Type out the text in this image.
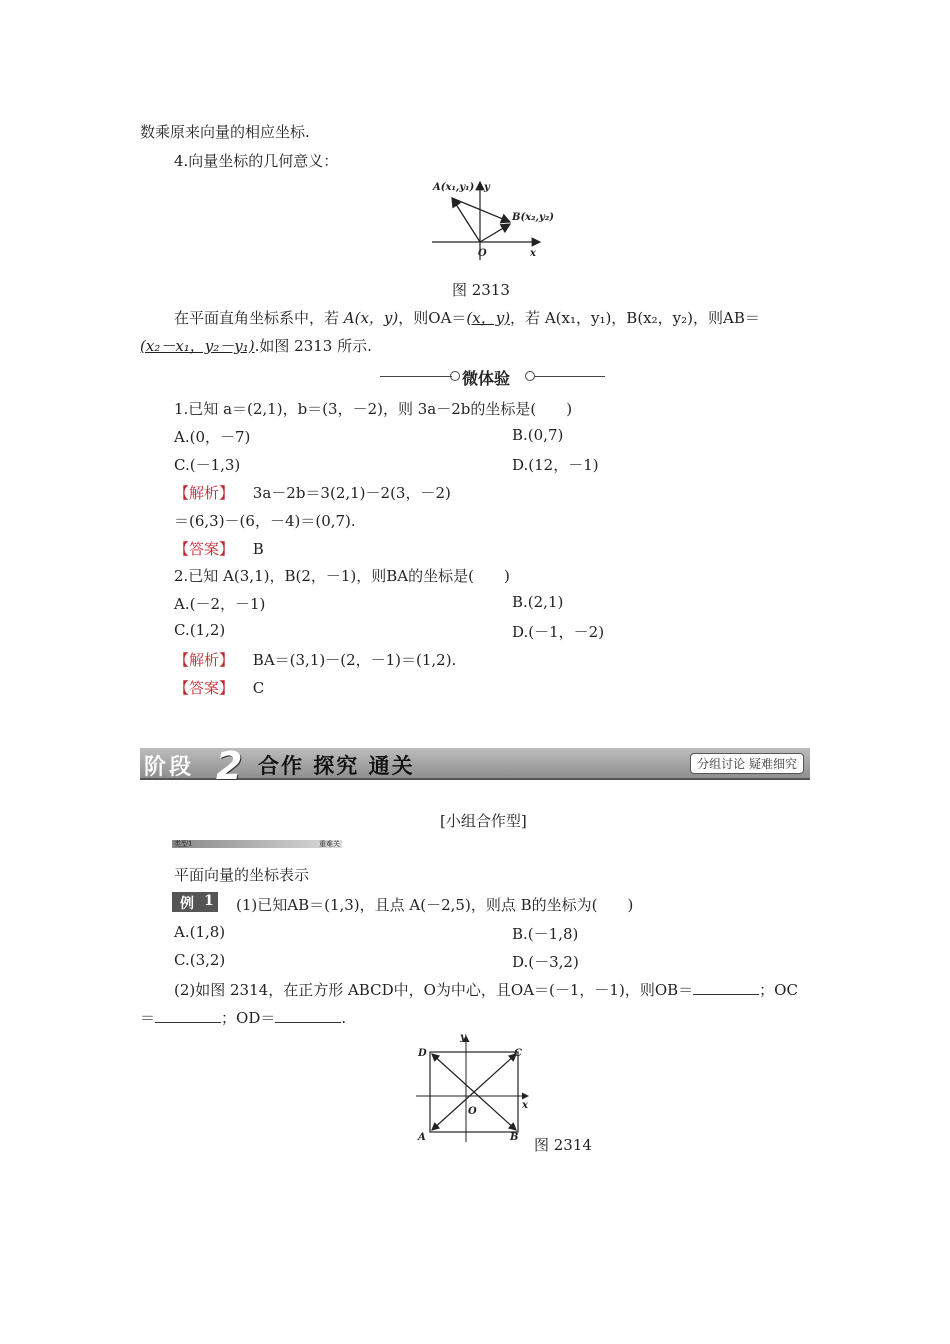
数乘原来向量的相应坐标.
4.向量坐标的几何意义：
A(x₁,y₁) y
B(x₂,y₂)
O	x
图 2313
在平面直角坐标系中，若 A(x，y)，则OA＝(x，y)，若 A(x₁，y₁)，B(x₂，y₂)，则AB＝
(x₂－x₁，y₂－y₁).如图 2313 所示.
微体验
1.已知 a＝(2,1)，b＝(3，－2)，则 3a－2b的坐标是(　　)
A.(0，－7)	B.(0,7)
C.(－1,3)	D.(12，－1)
【解析】 3a－2b＝3(2,1)－2(3，－2)
＝(6,3)－(6，－4)＝(0,7).
【答案】 B
2.已知 A(3,1)，B(2，－1)，则BA的坐标是(　　)
A.(－2，－1)	B.(2,1)
C.(1,2)	D.(－1，－2)
【解析】 BA＝(3,1)－(2，－1)＝(1,2).
【答案】 C
阶段 2 合作 探究 通关	分组讨论 疑难细究
[小组合作型]
类型1	重难关
平面向量的坐标表示
例 1 (1)已知AB＝(1,3)，且点 A(－2,5)，则点 B的坐标为(　　)
A.(1,8)	B.(－1,8)
C.(3,2)	D.(－3,2)
(2)如图 2314，在正方形 ABCD中，O为中心，且OA＝(－1，－1)，则OB＝	；OC
＝	；OD＝	.
D	C
A	B
O
y
x
图 2314
